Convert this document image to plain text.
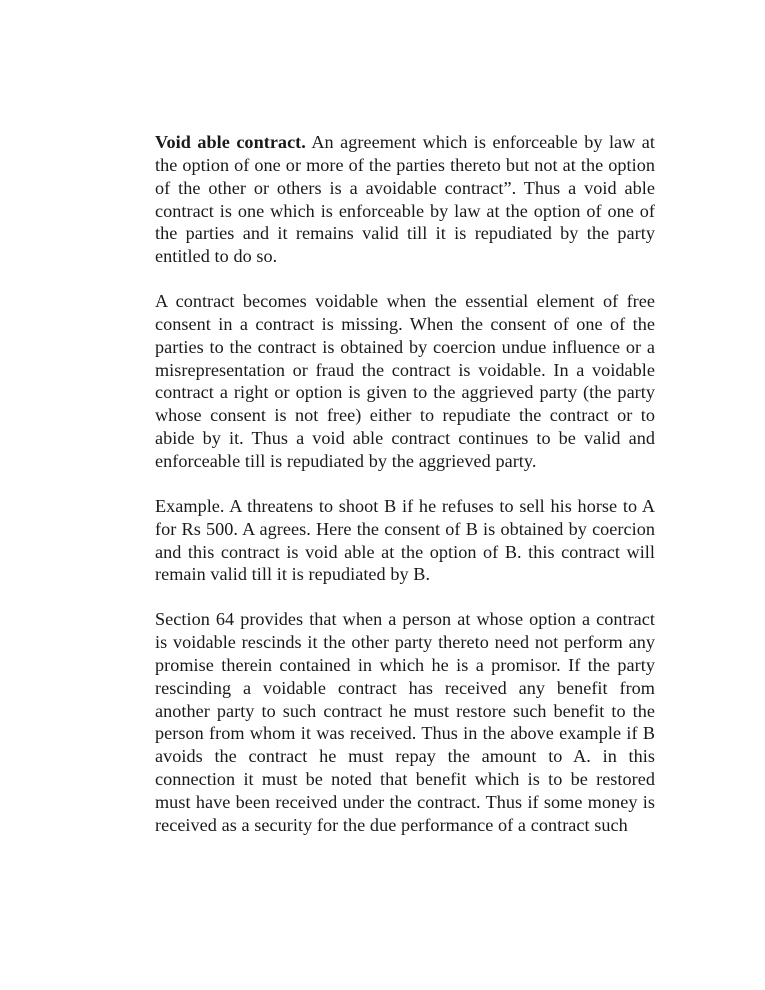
Void able contract. An agreement which is enforceable by law at the option of one or more of the parties thereto but not at the option of the other or others is a avoidable contract”. Thus a void able contract is one which is enforceable by law at the option of one of the parties and it remains valid till it is repudiated by the party entitled to do so.

A contract becomes voidable when the essential element of free consent in a contract is missing. When the consent of one of the parties to the contract is obtained by coercion undue influence or a misrepresentation or fraud the contract is voidable. In a voidable contract a right or option is given to the aggrieved party (the party whose consent is not free) either to repudiate the contract or to abide by it. Thus a void able contract continues to be valid and enforceable till is repudiated by the aggrieved party.

Example. A threatens to shoot B if he refuses to sell his horse to A for Rs 500. A agrees. Here the consent of B is obtained by coercion and this contract is void able at the option of B. this contract will remain valid till it is repudiated by B.

Section 64 provides that when a person at whose option a contract is voidable rescinds it the other party thereto need not perform any promise therein contained in which he is a promisor. If the party rescinding a voidable contract has received any benefit from another party to such contract he must restore such benefit to the person from whom it was received. Thus in the above example if B avoids the contract he must repay the amount to A. in this connection it must be noted that benefit which is to be restored must have been received under the contract. Thus if some money is received as a security for the due performance of a contract such
